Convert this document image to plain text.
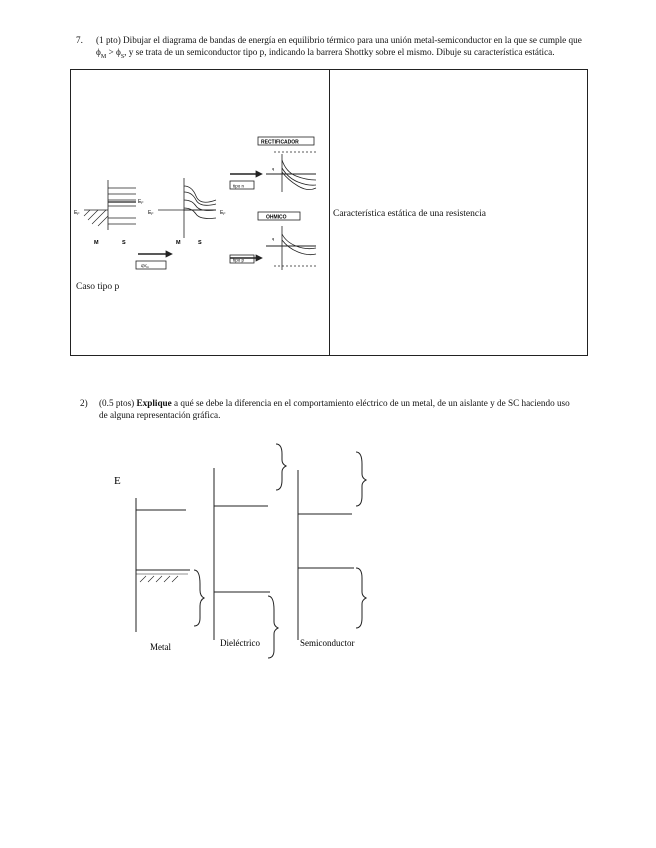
7. (1 pto) Dibujar el diagrama de bandas de energía en equilibrio térmico para una unión metal-semiconductor en la que se cumple que $\phi_M > \phi_S$, y se trata de un semiconductor tipo p, indicando la barrera Shottky sobre el mismo. Dibuje su característica estática.
Característica estática de una resistencia
Caso tipo p
$E_F$
$E_F$
$E_F$	$E_F$
M	S	M	S
$qV_{bi}$
RECTIFICADOR
OHMICO
tipo n
tipo p
q
q
2) (0.5 ptos) Explique a qué se debe la diferencia en el comportamiento eléctrico de un metal, de un aislante y de SC haciendo uso de alguna representación gráfica.
E
Metal	Dieléctrico	Semiconductor
